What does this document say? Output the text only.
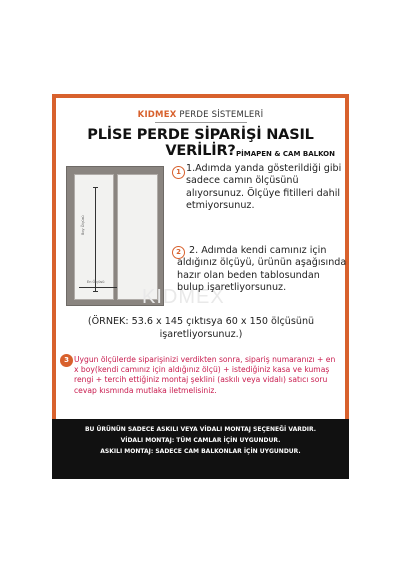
KIDMEX PERDE SİSTEMLERİ
PLİSE PERDE SİPARİŞİ NASIL VERİLİR? PİMAPEN & CAM BALKON
Boy Ölçüsü
En Ölçüsü
KIDMEX
1 1.Adımda yanda gösterildiği gibi sadece camın ölçüsünü alıyorsunuz. Ölçüye fitilleri dahil etmiyorsunuz.
2 2. Adımda kendi camınız için aldığınız ölçüyü, ürünün aşağısında hazır olan beden tablosundan bulup işaretliyorsunuz.
(ÖRNEK: 53.6 x 145 çıktısya 60 x 150 ölçüsünü işaretliyorsunuz.)
3 Uygun ölçülerde siparişinizi verdikten sonra, sipariş numaranızı + en x boy(kendi camınız için aldığınız ölçü) + istediğiniz kasa ve kumaş rengi + tercih ettiğiniz montaj şeklini (askılı veya vidalı) satıcı soru cevap kısmında mutlaka iletmelisiniz.
BU ÜRÜNÜN SADECE ASKILI VEYA VİDALI MONTAJ SEÇENEĞİ VARDIR.
VİDALI MONTAJ: TÜM CAMLAR İÇİN UYGUNDUR.
ASKILI MONTAJ: SADECE CAM BALKONLAR İÇİN UYGUNDUR.
